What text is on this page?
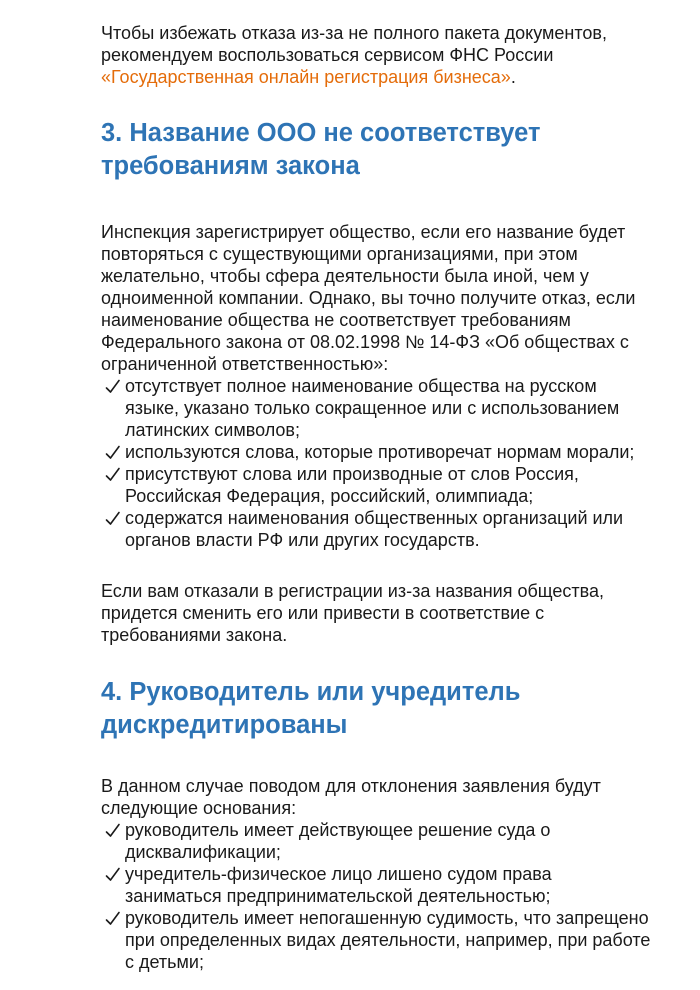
Чтобы избежать отказа из-за не полного пакета документов, рекомендуем воспользоваться сервисом ФНС России «Государственная онлайн регистрация бизнеса».

3. Название ООО не соответствует требованиям закона

Инспекция зарегистрирует общество, если его название будет повторяться с существующими организациями, при этом желательно, чтобы сфера деятельности была иной, чем у одноименной компании. Однако, вы точно получите отказ, если наименование общества не соответствует требованиям Федерального закона от 08.02.1998 № 14-ФЗ «Об обществах с ограниченной ответственностью»:

отсутствует полное наименование общества на русском языке, указано только сокращенное или с использованием латинских символов;
используются слова, которые противоречат нормам морали;
присутствуют слова или производные от слов Россия, Российская Федерация, российский, олимпиада;
содержатся наименования общественных организаций или органов власти РФ или других государств.

Если вам отказали в регистрации из-за названия общества, придется сменить его или привести в соответствие с требованиями закона.

4. Руководитель или учредитель дискредитированы

В данном случае поводом для отклонения заявления будут следующие основания:

руководитель имеет действующее решение суда о дисквалификации;
учредитель-физическое лицо лишено судом права заниматься предпринимательской деятельностью;
руководитель имеет непогашенную судимость, что запрещено при определенных видах деятельности, например, при работе с детьми;
